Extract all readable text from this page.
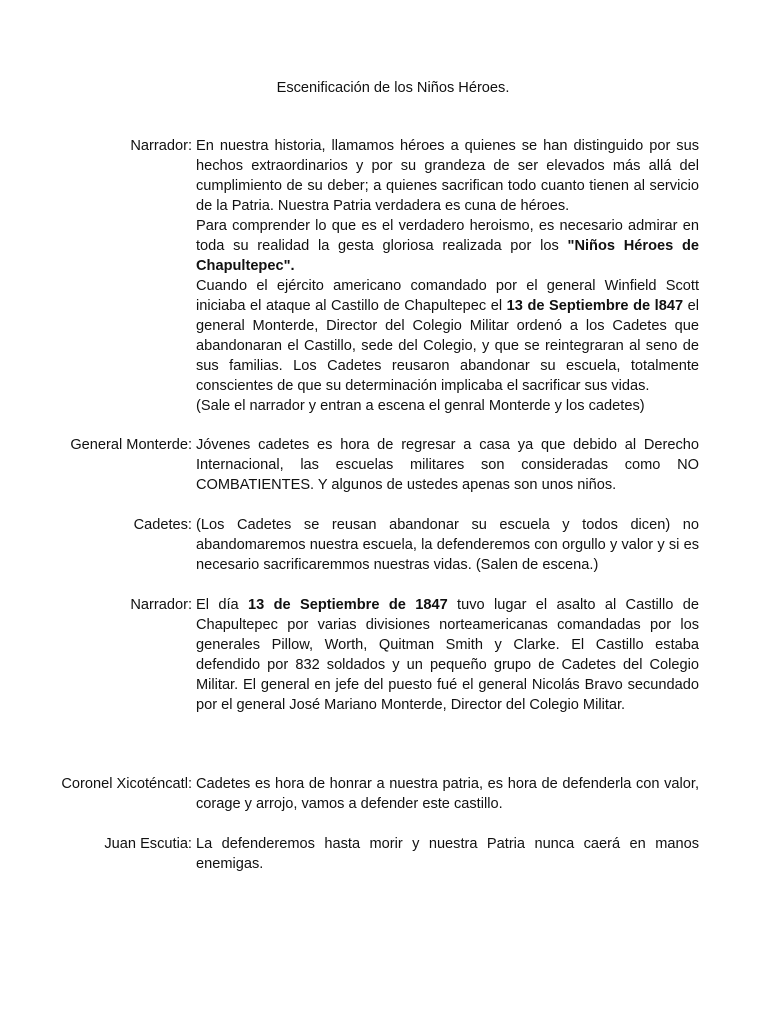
Escenificación de los Niños Héroes.
Narrador: En nuestra historia, llamamos héroes a quienes se han distinguido por sus hechos extraordinarios y por su grandeza de ser elevados más allá del cumplimiento de su deber; a quienes sacrifican todo cuanto tienen al servicio de la Patria. Nuestra Patria verdadera es cuna de héroes.

Para comprender lo que es el verdadero heroismo, es necesario admirar en toda su realidad la gesta gloriosa realizada por los "Niños Héroes de Chapultepec".

Cuando el ejército americano comandado por el general Winfield Scott iniciaba el ataque al Castillo de Chapultepec el 13 de Septiembre de l847 el general Monterde, Director del Colegio Militar ordenó a los Cadetes que abandonaran el Castillo, sede del Colegio, y que se reintegraran al seno de sus familias. Los Cadetes reusaron abandonar su escuela, totalmente conscientes de que su determinación implicaba el sacrificar sus vidas.

(Sale el narrador y entran a escena el genral Monterde y los cadetes)

General Monterde: Jóvenes cadetes es hora de regresar a casa ya que debido al Derecho Internacional, las escuelas militares son consideradas como NO COMBATIENTES. Y algunos de ustedes apenas son unos niños.

Cadetes: (Los Cadetes se reusan abandonar su escuela y todos dicen) no abandomaremos nuestra escuela, la defenderemos con orgullo y valor y si es necesario sacrificaremmos nuestras vidas. (Salen de escena.)

Narrador: El día 13 de Septiembre de 1847 tuvo lugar el asalto al Castillo de Chapultepec por varias divisiones norteamericanas comandadas por los generales Pillow, Worth, Quitman Smith y Clarke. El Castillo estaba defendido por 832 soldados y un pequeño grupo de Cadetes del Colegio Militar. El general en jefe del puesto fué el general Nicolás Bravo secundado por el general José Mariano Monterde, Director del Colegio Militar.

Coronel Xicoténcatl: Cadetes es hora de honrar a nuestra patria, es hora de defenderla con valor, corage y arrojo, vamos a defender este castillo.

Juan Escutia: La defenderemos hasta morir y nuestra Patria nunca caerá en manos enemigas.
